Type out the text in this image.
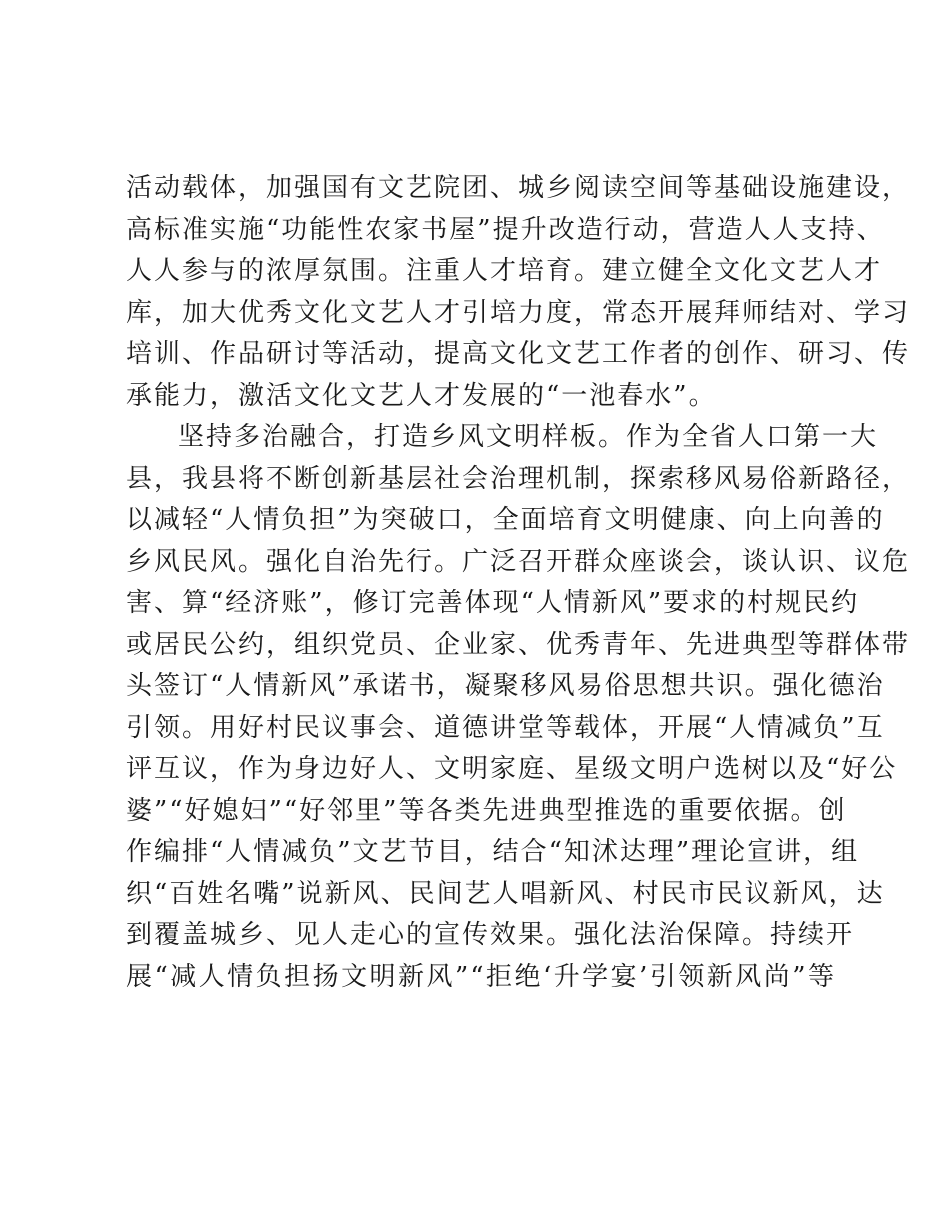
活动载体，加强国有文艺院团、城乡阅读空间等基础设施建设，
高标准实施“功能性农家书屋”提升改造行动，营造人人支持、
人人参与的浓厚氛围。注重人才培育。建立健全文化文艺人才
库，加大优秀文化文艺人才引培力度，常态开展拜师结对、学习
培训、作品研讨等活动，提高文化文艺工作者的创作、研习、传
承能力，激活文化文艺人才发展的“一池春水”。
坚持多治融合，打造乡风文明样板。作为全省人口第一大
县，我县将不断创新基层社会治理机制，探索移风易俗新路径，
以减轻“人情负担”为突破口，全面培育文明健康、向上向善的
乡风民风。强化自治先行。广泛召开群众座谈会，谈认识、议危
害、算“经济账”，修订完善体现“人情新风”要求的村规民约
或居民公约，组织党员、企业家、优秀青年、先进典型等群体带
头签订“人情新风”承诺书，凝聚移风易俗思想共识。强化德治
引领。用好村民议事会、道德讲堂等载体，开展“人情减负”互
评互议，作为身边好人、文明家庭、星级文明户选树以及“好公
婆”“好媳妇”“好邻里”等各类先进典型推选的重要依据。创
作编排“人情减负”文艺节目，结合“知沭达理”理论宣讲，组
织“百姓名嘴”说新风、民间艺人唱新风、村民市民议新风，达
到覆盖城乡、见人走心的宣传效果。强化法治保障。持续开
展“减人情负担扬文明新风”“拒绝‘升学宴’引领新风尚”等
